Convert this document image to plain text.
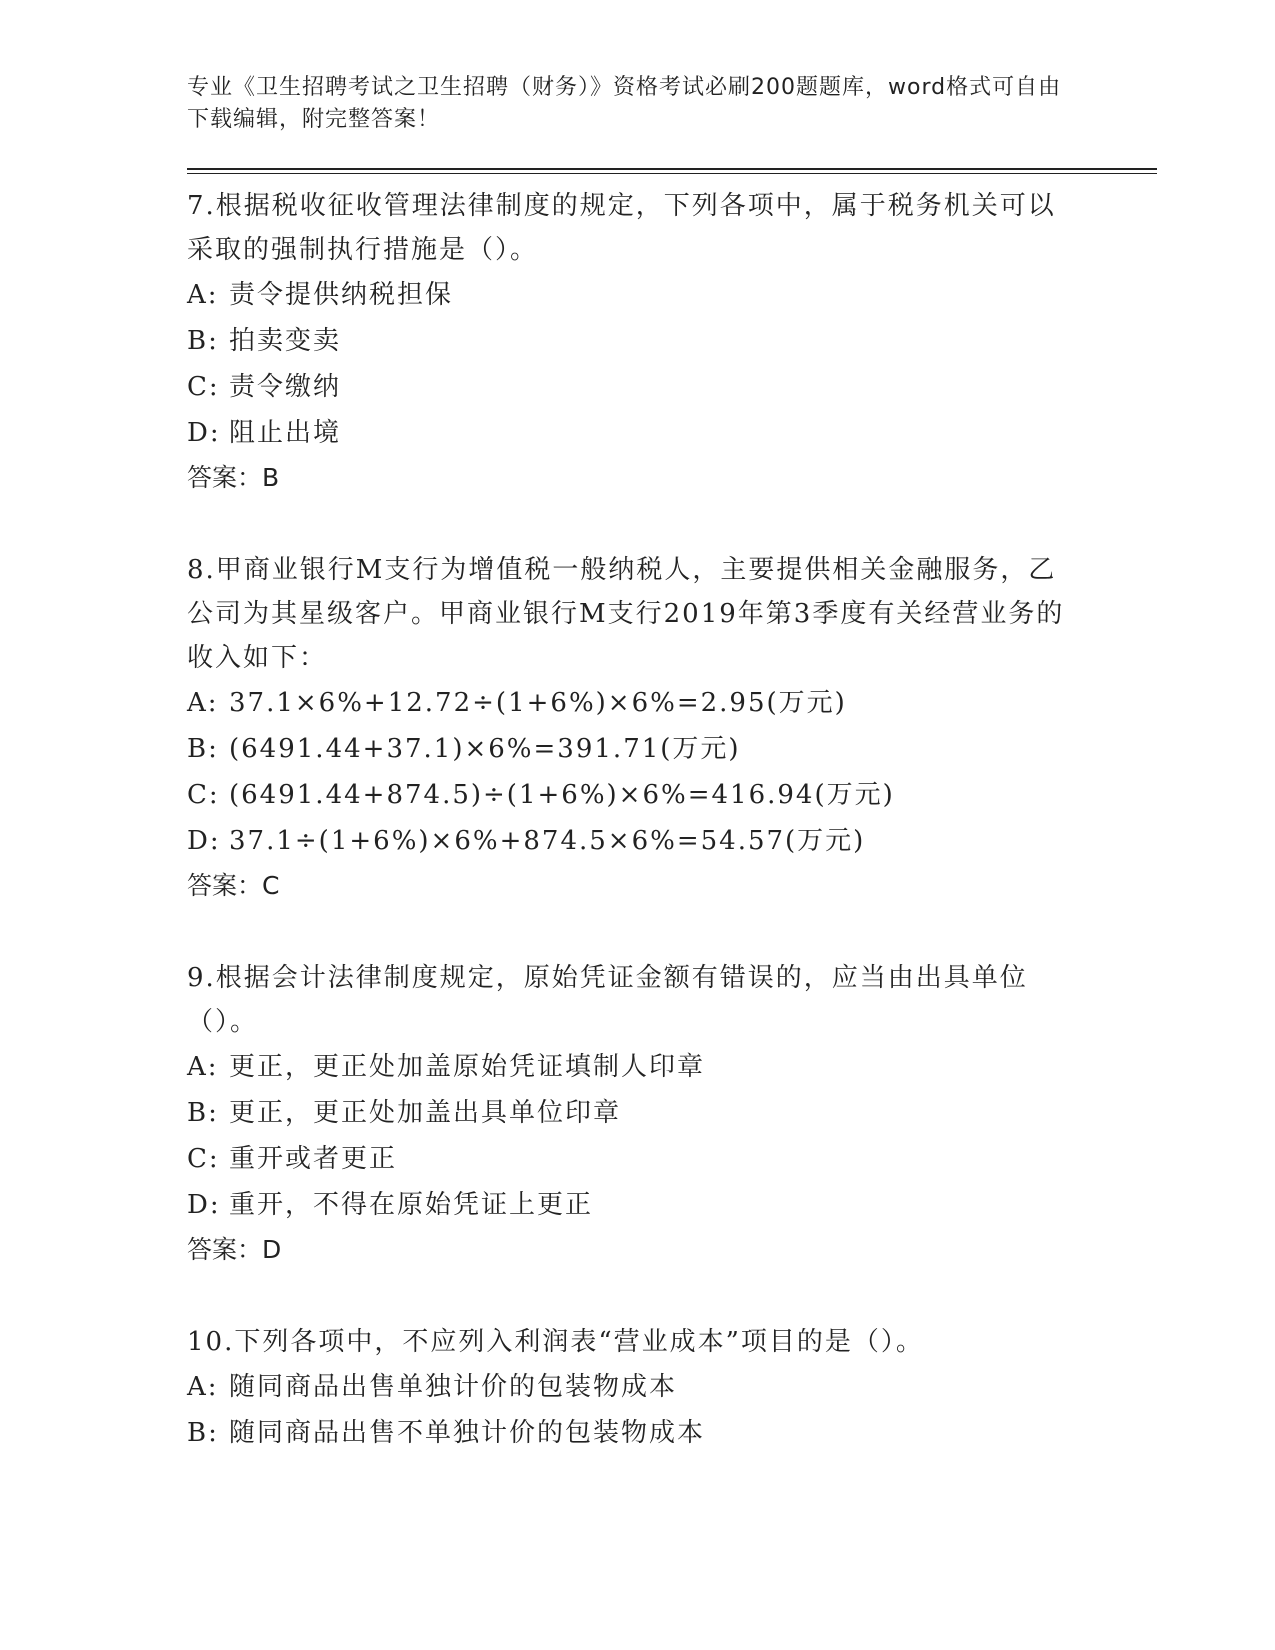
专业《卫生招聘考试之卫生招聘（财务）》资格考试必刷200题题库，word格式可自由下载编辑，附完整答案！

7.根据税收征收管理法律制度的规定，下列各项中，属于税务机关可以采取的强制执行措施是（）。

A: 责令提供纳税担保
B: 拍卖变卖
C: 责令缴纳
D: 阻止出境

答案：B

8.甲商业银行M支行为增值税一般纳税人，主要提供相关金融服务，乙公司为其星级客户。甲商业银行M支行2019年第3季度有关经营业务的收入如下：

A: 37.1×6%+12.72÷(1+6%)×6%=2.95(万元)
B: (6491.44+37.1)×6%=391.71(万元)
C: (6491.44+874.5)÷(1+6%)×6%=416.94(万元)
D: 37.1÷(1+6%)×6%+874.5×6%=54.57(万元)

答案：C

9.根据会计法律制度规定，原始凭证金额有错误的，应当由出具单位（）。

A: 更正，更正处加盖原始凭证填制人印章
B: 更正，更正处加盖出具单位印章
C: 重开或者更正
D: 重开，不得在原始凭证上更正

答案：D

10.下列各项中，不应列入利润表“营业成本”项目的是（）。

A: 随同商品出售单独计价的包装物成本
B: 随同商品出售不单独计价的包装物成本
